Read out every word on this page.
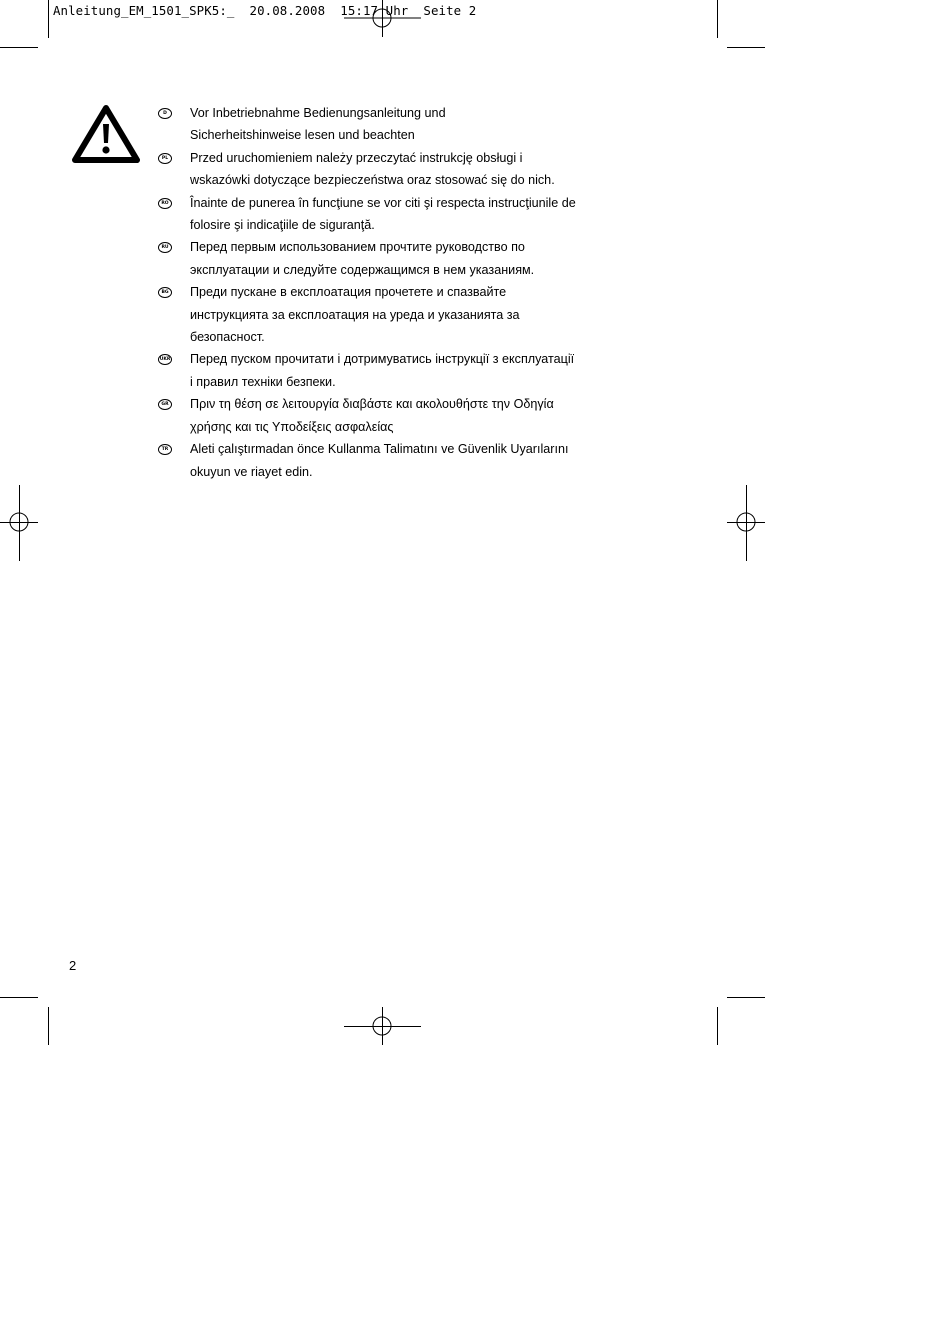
Anleitung_EM_1501_SPK5:_  20.08.2008  15:17 Uhr  Seite 2
D	Vor Inbetriebnahme Bedienungsanleitung und
Sicherheitshinweise lesen und beachten
PL	Przed uruchomieniem należy przeczytać instrukcję obsługi i
wskazówki dotyczące bezpieczeństwa oraz stosować się do nich.
RO Înainte de punerea în funcţiune se vor citi şi respecta instrucţiunile de
folosire şi indicaţiile de siguranţă.
RU Перед первым использованием прочтите руководство по
эксплуатации и следуйте содержащимся в нем указаниям.
BG Преди пускане в експлоатация прочетете и спазвайте
инструкцията за експлоатация на уреда и указанията за
безопасност.
UKR Перед пуском прочитати і дотримуватись інструкції з експлуатації
і правил техніки безпеки.
GR Πριν τη θέση σε λειτουργία διαβάστε και ακολουθήστε την Οδηγία
χρήσης και τις Υποδείξεις ασφαλείας
TR Aleti çalıştırmadan önce Kullanma Talimatını ve Güvenlik Uyarılarını
okuyun ve riayet edin.
2
